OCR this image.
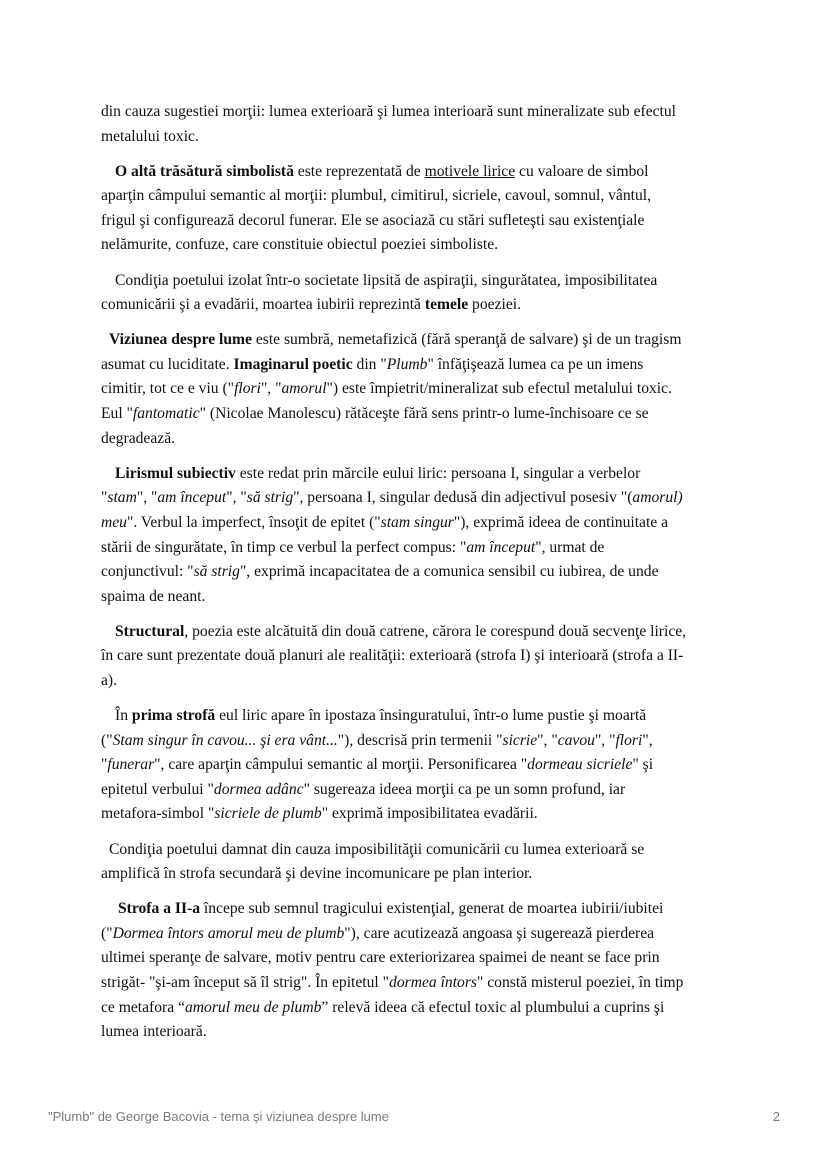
din cauza sugestiei morţii: lumea exterioară şi lumea interioară sunt mineralizate sub efectul
metalului toxic.
O altă trăsătură simbolistă este reprezentată de motivele lirice cu valoare de simbol
aparţin câmpului semantic al morţii: plumbul, cimitirul, sicriele, cavoul, somnul, vântul,
frigul şi configurează decorul funerar. Ele se asociază cu stări sufleteşti sau existenţiale
nelămurite, confuze, care constituie obiectul poeziei simboliste.
Condiţia poetului izolat într-o societate lipsită de aspiraţii, singurătatea, imposibilitatea
comunicării şi a evadării, moartea iubirii reprezintă temele poeziei.
Viziunea despre lume este sumbră, nemetafizică (fără speranţă de salvare) şi de un tragism
asumat cu luciditate. Imaginarul poetic din "Plumb" înfăţişează lumea ca pe un imens
cimitir, tot ce e viu ("flori", "amorul") este împietrit/mineralizat sub efectul metalului toxic.
Eul "fantomatic" (Nicolae Manolescu) rătăceşte fără sens printr-o lume-închisoare ce se
degradează.
Lirismul subiectiv este redat prin mărcile eului liric: persoana I, singular a verbelor
"stam", "am început", "să strig", persoana I, singular dedusă din adjectivul posesiv "(amorul)
meu". Verbul la imperfect, însoţit de epitet ("stam singur"), exprimă ideea de continuitate a
stării de singurătate, în timp ce verbul la perfect compus: "am început", urmat de
conjunctivul: "să strig", exprimă incapacitatea de a comunica sensibil cu iubirea, de unde
spaima de neant.
Structural, poezia este alcătuită din două catrene, cărora le corespund două secvenţe lirice,
în care sunt prezentate două planuri ale realităţii: exterioară (strofa I) şi interioară (strofa a II-
a).
În prima strofă eul liric apare în ipostaza însinguratului, într-o lume pustie şi moartă
("Stam singur în cavou... şi era vânt..."), descrisă prin termenii "sicrie", "cavou", "flori",
"funerar", care aparţin câmpului semantic al morţii. Personificarea "dormeau sicriele" şi
epitetul verbului "dormea adânc" sugereaza ideea morţii ca pe un somn profund, iar
metafora-simbol "sicriele de plumb" exprimă imposibilitatea evadării.
Condiţia poetului damnat din cauza imposibilităţii comunicării cu lumea exterioară se
amplifică în strofa secundară şi devine incomunicare pe plan interior.
Strofa a II-a începe sub semnul tragicului existenţial, generat de moartea iubirii/iubitei
("Dormea întors amorul meu de plumb"), care acutizează angoasa şi sugerează pierderea
ultimei speranţe de salvare, motiv pentru care exteriorizarea spaimei de neant se face prin
strigăt- "şi-am început să îl strig". În epitetul "dormea întors" constă misterul poeziei, în timp
ce metafora “amorul meu de plumb” relevă ideea că efectul toxic al plumbului a cuprins şi
lumea interioară.
"Plumb" de George Bacovia - tema şi viziunea despre lume	2
